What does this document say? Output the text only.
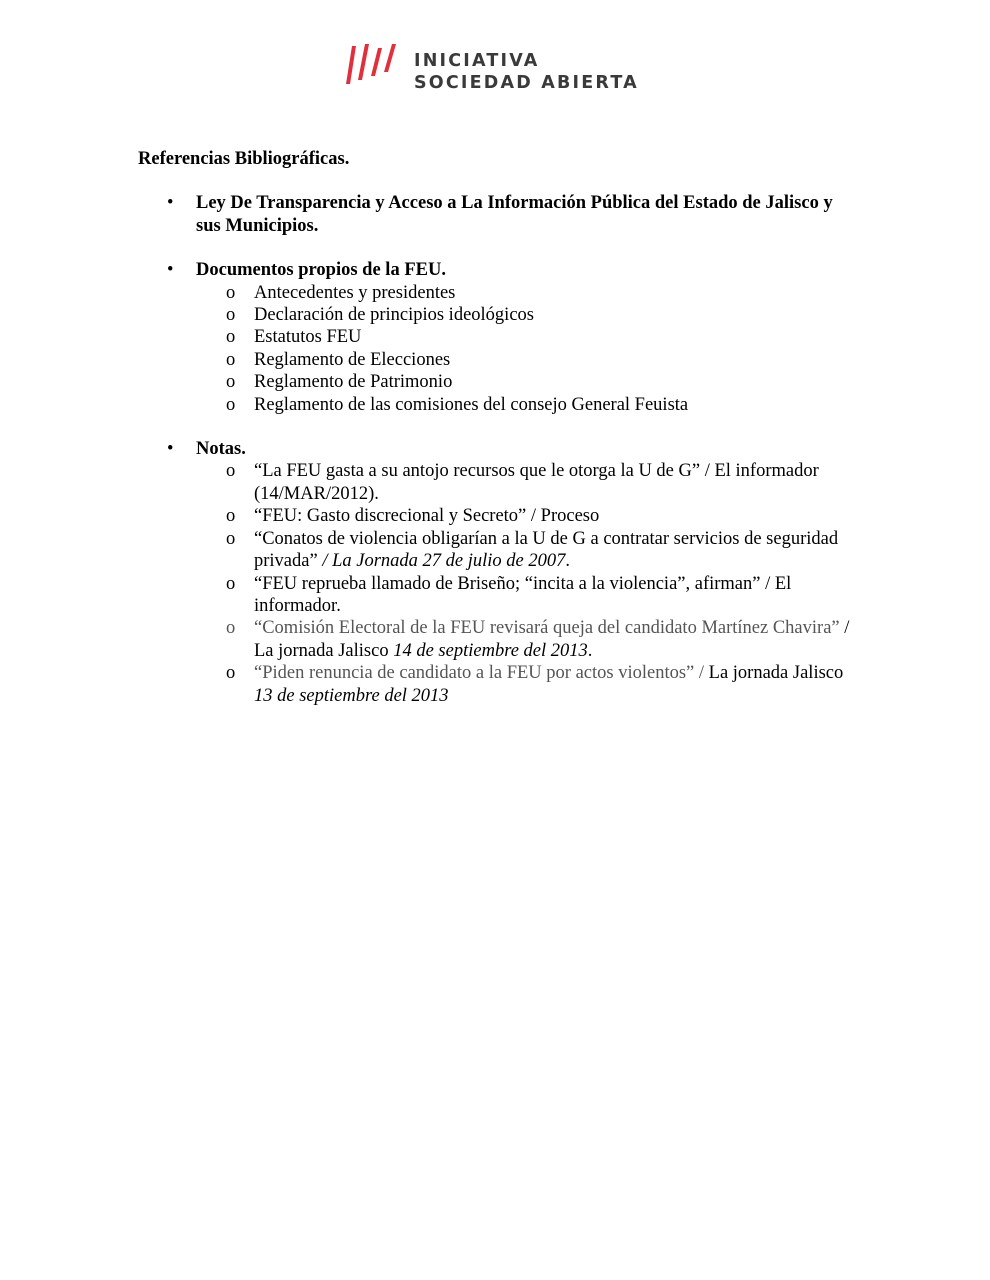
INICIATIVA
SOCIEDAD ABIERTA
Referencias Bibliográficas.
• Ley De Transparencia y Acceso a La Información Pública del Estado de Jalisco y sus Municipios.
• Documentos propios de la FEU.
o Antecedentes y presidentes
o Declaración de principios ideológicos
o Estatutos FEU
o Reglamento de Elecciones
o Reglamento de Patrimonio
o Reglamento de las comisiones del consejo General Feuista
• Notas.
o “La FEU gasta a su antojo recursos que le otorga la U de G” / El informador (14/MAR/2012).
o “FEU: Gasto discrecional y Secreto” / Proceso
o “Conatos de violencia obligarían a la U de G a contratar servicios de seguridad privada” / La Jornada 27 de julio de 2007.
o “FEU reprueba llamado de Briseño; “incita a la violencia”, afirman” / El informador.
o “Comisión Electoral de la FEU revisará queja del candidato Martínez Chavira” / La jornada Jalisco 14 de septiembre del 2013.
o “Piden renuncia de candidato a la FEU por actos violentos” / La jornada Jalisco 13 de septiembre del 2013
